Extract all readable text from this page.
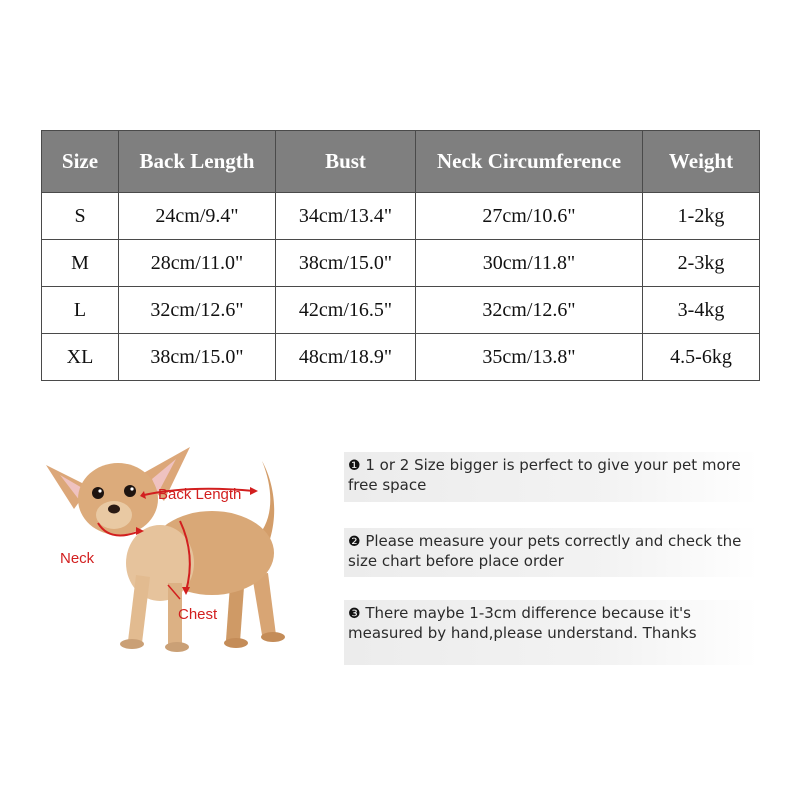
Size	Back Length	Bust	Neck Circumference	Weight
S	24cm/9.4"	34cm/13.4"	27cm/10.6"	1-2kg
M	28cm/11.0"	38cm/15.0"	30cm/11.8"	2-3kg
L	32cm/12.6"	42cm/16.5"	32cm/12.6"	3-4kg
XL	38cm/15.0"	48cm/18.9"	35cm/13.8"	4.5-6kg
Back Length
Neck
Chest
❶ 1 or 2 Size bigger is perfect to give your pet more free space
❷ Please measure your pets correctly and check the size chart before place order
❸ There maybe 1-3cm difference because it's measured by hand,please understand. Thanks
